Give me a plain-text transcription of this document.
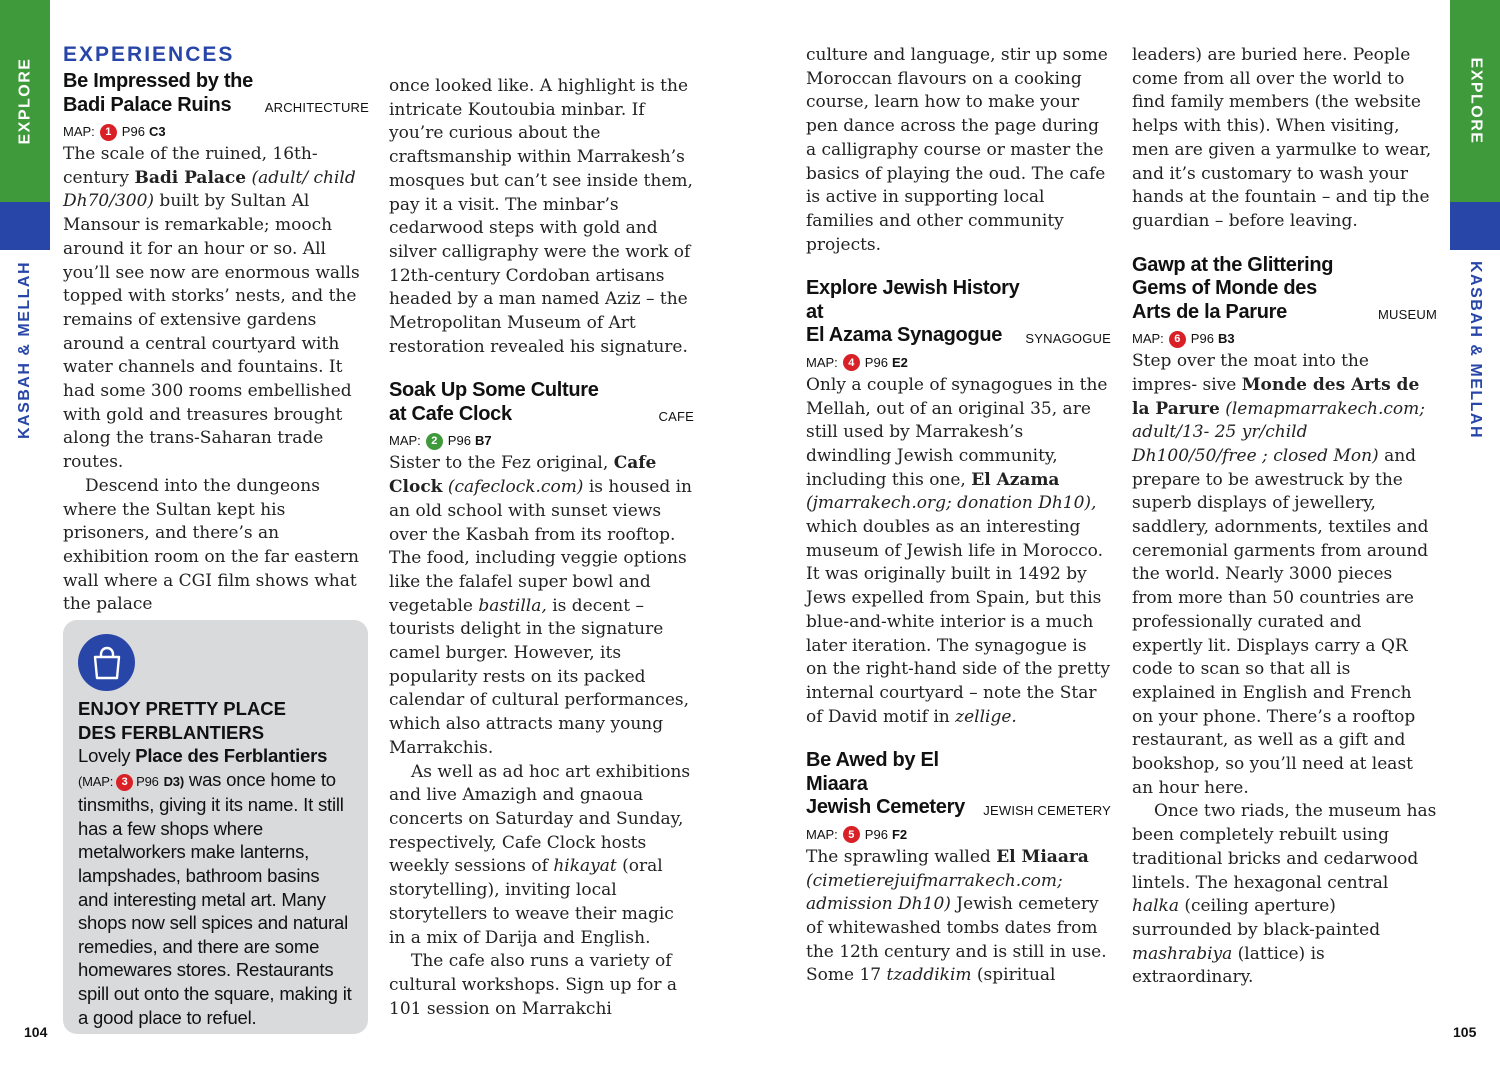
EXPLORE
KASBAH & MELLAH
EXPLORE
KASBAH & MELLAH
EXPERIENCES
Be Impressed by the
Badi Palace Ruins	ARCHITECTURE
MAP: 1 P96 C3

The scale of the ruined, 16th-century Badi Palace (adult/ child Dh70/300) built by Sultan Al Mansour is remarkable; mooch around it for an hour or so. All you’ll see now are enormous walls topped with storks’ nests, and the remains of extensive gardens around a central courtyard with water channels and fountains. It had some 300 rooms embellished with gold and treasures brought along the trans-Saharan trade routes.

Descend into the dungeons where the Sultan kept his prisoners, and there’s an exhibition room on the far eastern wall where a CGI film shows what the palace

ENJOY PRETTY PLACE
DES FERBLANTIERS
Lovely Place des Ferblantiers (MAP: 3 P96 D3) was once home to tinsmiths, giving it its name. It still has a few shops where metalworkers make lanterns, lampshades, bathroom basins and interesting metal art. Many shops now sell spices and natural remedies, and there are some homewares stores. Restaurants spill out onto the square, making it a good place to refuel.

once looked like. A highlight is the intricate Koutoubia minbar. If you’re curious about the craftsmanship within Marrakesh’s mosques but can’t see inside them, pay it a visit. The minbar’s cedarwood steps with gold and silver calligraphy were the work of 12th-century Cordoban artisans headed by a man named Aziz – the Metropolitan Museum of Art restoration revealed his signature.

Soak Up Some Culture
at Cafe Clock	CAFE
MAP: 2 P96 B7

Sister to the Fez original, Cafe Clock (cafeclock.com) is housed in an old school with sunset views over the Kasbah from its rooftop. The food, including veggie options like the falafel super bowl and vegetable bastilla, is decent – tourists delight in the signature camel burger. However, its popularity rests on its packed calendar of cultural performances, which also attracts many young Marrakchis.

As well as ad hoc art exhibitions and live Amazigh and gnaoua concerts on Saturday and Sunday, respectively, Cafe Clock hosts weekly sessions of hikayat (oral storytelling), inviting local storytellers to weave their magic in a mix of Darija and English.

The cafe also runs a variety of cultural workshops. Sign up for a 101 session on Marrakchi

culture and language, stir up some Moroccan flavours on a cooking course, learn how to make your pen dance across the page during a calligraphy course or master the basics of playing the oud. The cafe is active in supporting local families and other community projects.

Explore Jewish History at
El Azama Synagogue	SYNAGOGUE
MAP: 4 P96 E2

Only a couple of synagogues in the Mellah, out of an original 35, are still used by Marrakesh’s dwindling Jewish community, including this one, El Azama (jmarrakech.org; donation Dh10), which doubles as an interesting museum of Jewish life in Morocco. It was originally built in 1492 by Jews expelled from Spain, but this blue-and-white interior is a much later iteration. The synagogue is on the right-hand side of the pretty internal courtyard – note the Star of David motif in zellige.

Be Awed by El Miaara
Jewish Cemetery	JEWISH CEMETERY
MAP: 5 P96 F2

The sprawling walled El Miaara (cimetierejuifmarrakech.com; admission Dh10) Jewish cemetery of whitewashed tombs dates from the 12th century and is still in use. Some 17 tzaddikim (spiritual

leaders) are buried here. People come from all over the world to find family members (the website helps with this). When visiting, men are given a yarmulke to wear, and it’s customary to wash your hands at the fountain – and tip the guardian – before leaving.

Gawp at the Glittering
Gems of Monde des
Arts de la Parure	MUSEUM
MAP: 6 P96 B3

Step over the moat into the impres- sive Monde des Arts de la Parure (lemapmarrakech.com; adult/13- 25 yr/child Dh100/50/free ; closed Mon) and prepare to be awestruck by the superb displays of jewellery, saddlery, adornments, textiles and ceremonial garments from around the world. Nearly 3000 pieces from more than 50 countries are professionally curated and expertly lit. Displays carry a QR code to scan so that all is explained in English and French on your phone. There’s a rooftop restaurant, as well as a gift and bookshop, so you’ll need at least an hour here.

Once two riads, the museum has been completely rebuilt using traditional bricks and cedarwood lintels. The hexagonal central halka (ceiling aperture) surrounded by black-painted mashrabiya (lattice) is extraordinary.

104	105
